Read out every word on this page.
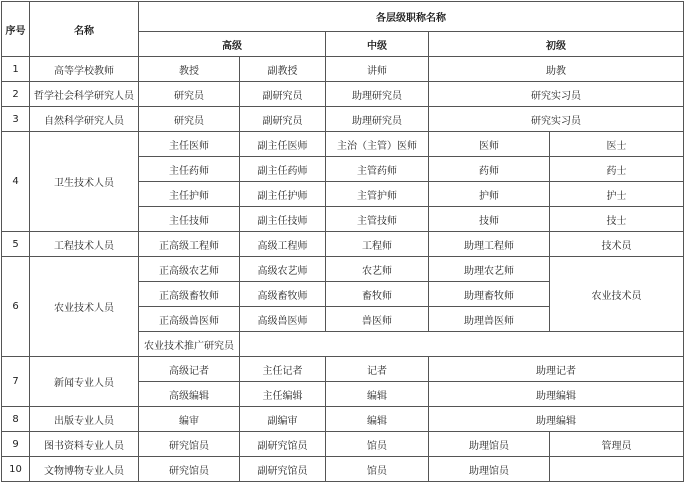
序号	名称	各层级职称名称				
		高级		中级	初级	
1	高等学校教师	教授	副教授	讲师	助教	
2	哲学社会科学研究人员	研究员	副研究员	助理研究员	研究实习员	
3	自然科学研究人员	研究员	副研究员	助理研究员	研究实习员	
4	卫生技术人员	主任医师	副主任医师	主治（主管）医师	医师	医士
		主任药师	副主任药师	主管药师	药师	药士
		主任护师	副主任护师	主管护师	护师	护士
		主任技师	副主任技师	主管技师	技师	技士
5	工程技术人员	正高级工程师	高级工程师	工程师	助理工程师	技术员
6	农业技术人员	正高级农艺师	高级农艺师	农艺师	助理农艺师	农业技术员
		正高级畜牧师	高级畜牧师	畜牧师	助理畜牧师	
		正高级兽医师	高级兽医师	兽医师	助理兽医师	
		农业技术推广研究员				
7	新闻专业人员	高级记者	主任记者	记者	助理记者	
		高级编辑	主任编辑	编辑	助理编辑	
8	出版专业人员	编审	副编审	编辑	助理编辑	
9	图书资料专业人员	研究馆员	副研究馆员	馆员	助理馆员	管理员
10	文物博物专业人员	研究馆员	副研究馆员	馆员	助理馆员	
